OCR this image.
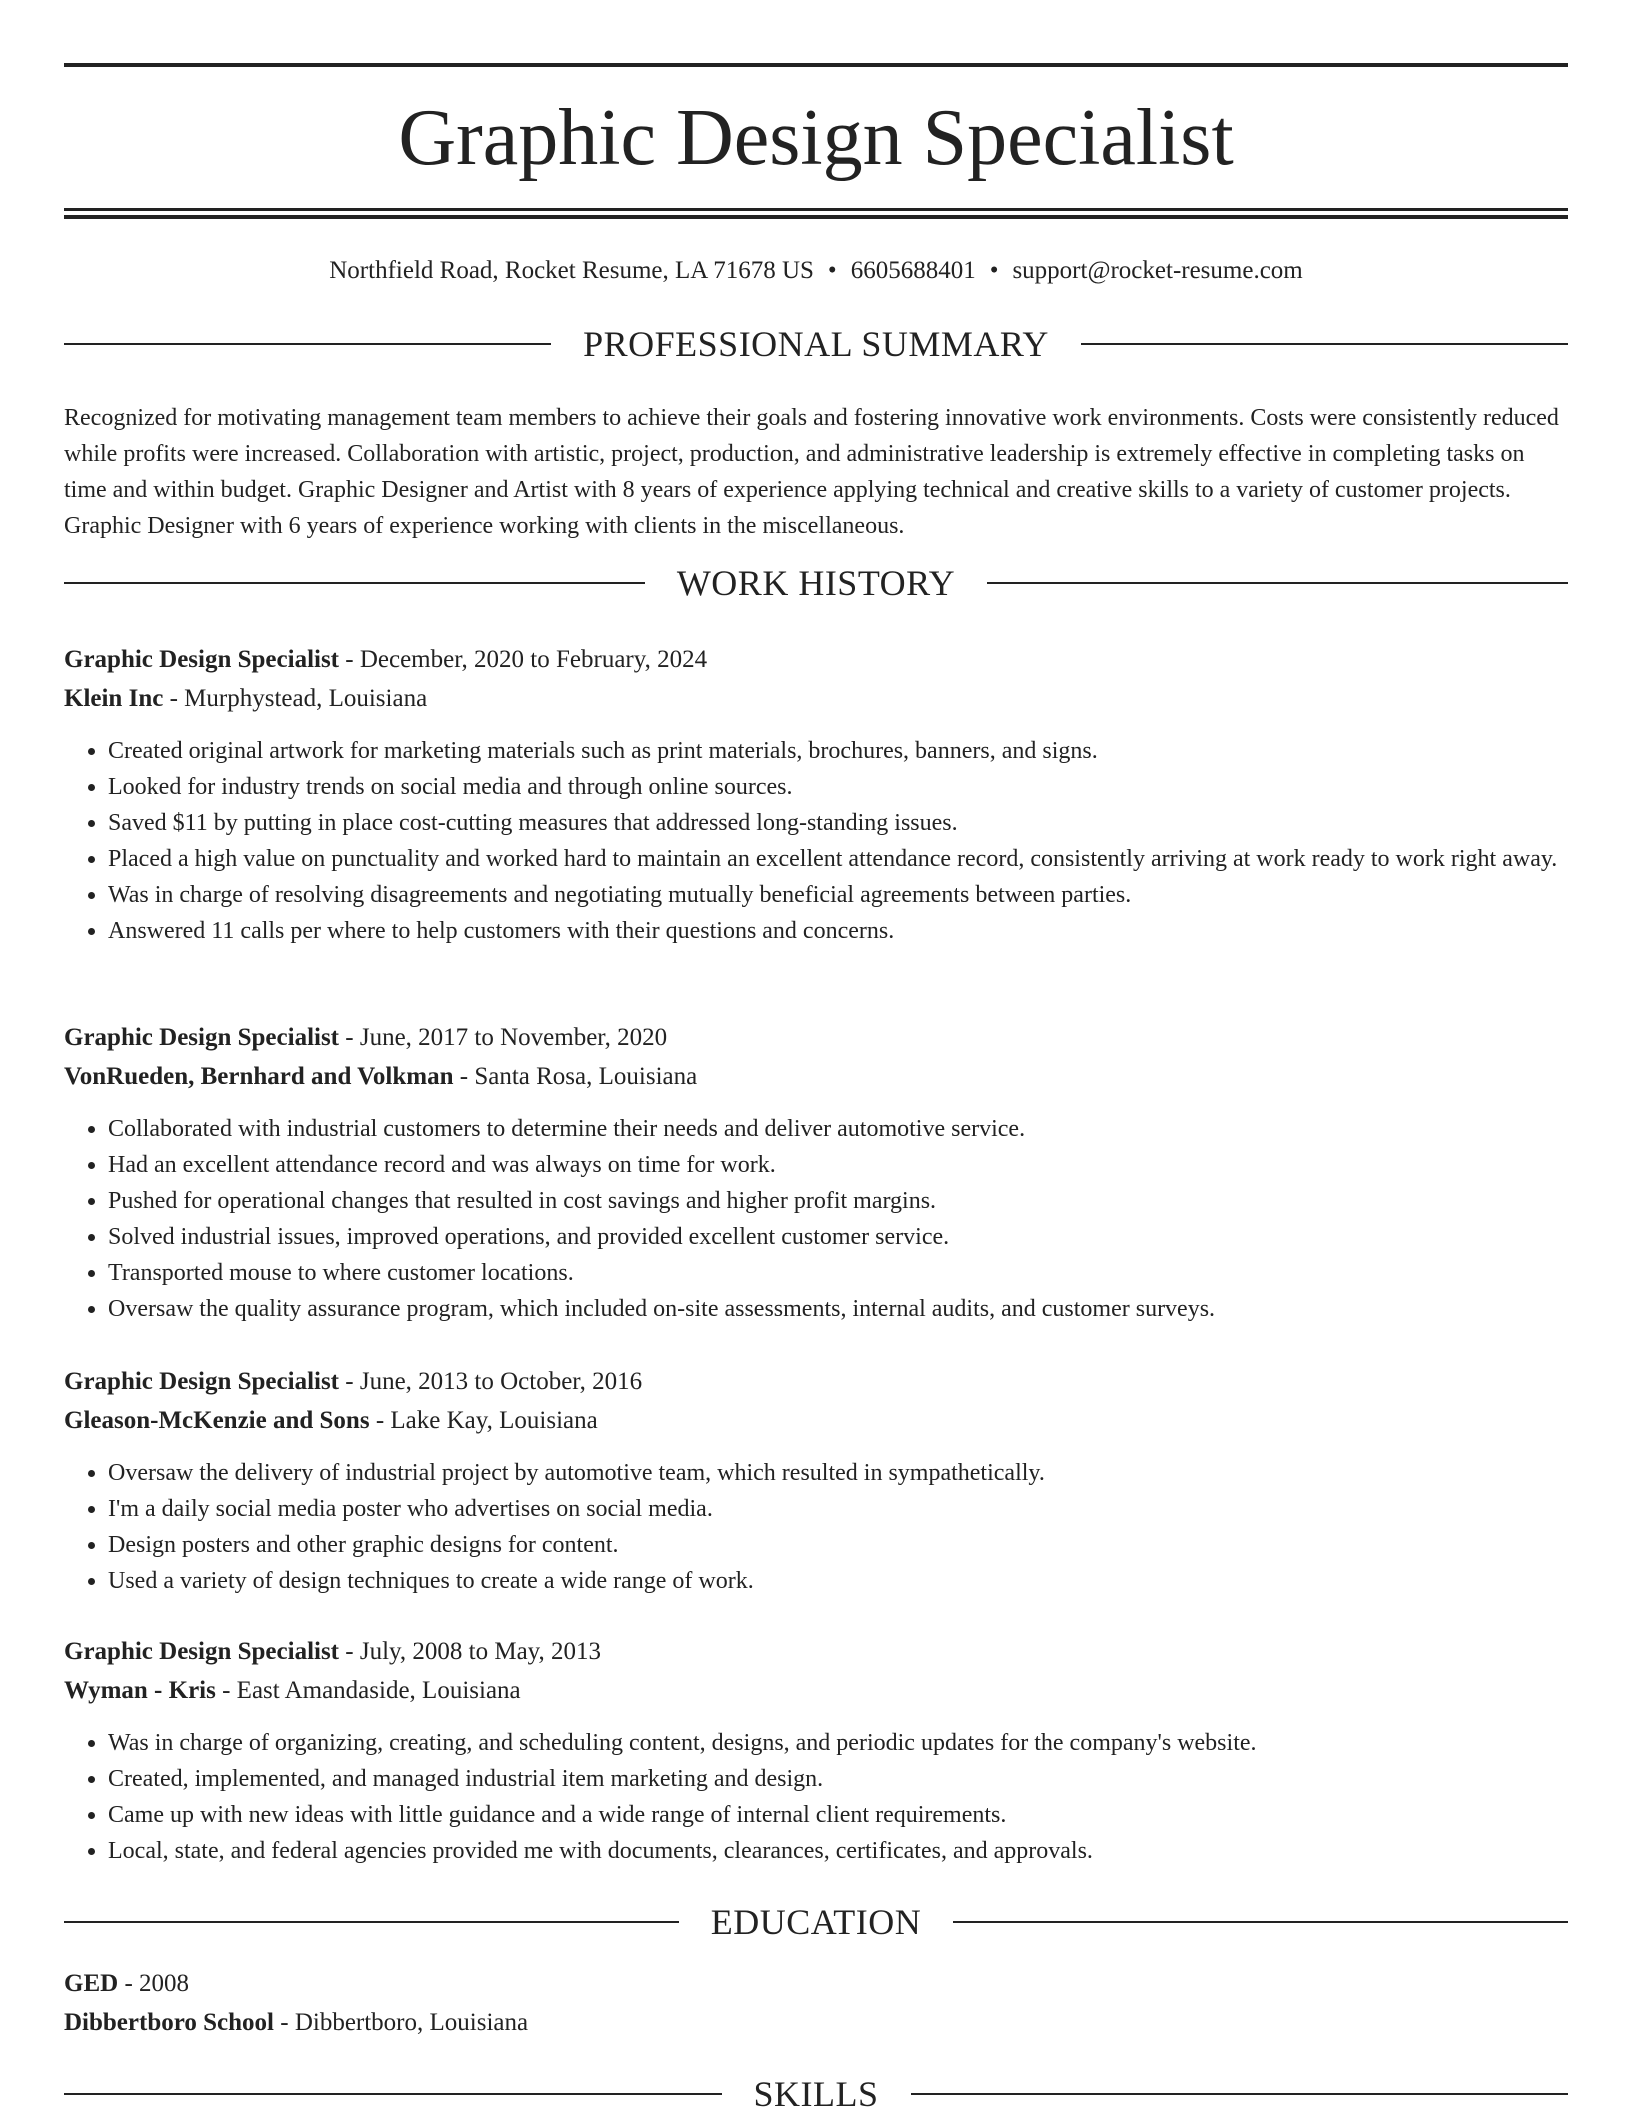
Graphic Design Specialist
Northfield Road, Rocket Resume, LA 71678 US • 6605688401 • support@rocket-resume.com
PROFESSIONAL SUMMARY

Recognized for motivating management team members to achieve their goals and fostering innovative work environments. Costs were consistently reduced while profits were increased. Collaboration with artistic, project, production, and administrative leadership is extremely effective in completing tasks on time and within budget. Graphic Designer and Artist with 8 years of experience applying technical and creative skills to a variety of customer projects. Graphic Designer with 6 years of experience working with clients in the miscellaneous.

WORK HISTORY

Graphic Design Specialist - December, 2020 to February, 2024

Klein Inc - Murphystead, Louisiana

• Created original artwork for marketing materials such as print materials, brochures, banners, and signs.
• Looked for industry trends on social media and through online sources.
• Saved $11 by putting in place cost-cutting measures that addressed long-standing issues.
• Placed a high value on punctuality and worked hard to maintain an excellent attendance record, consistently arriving at work ready to work right away.
• Was in charge of resolving disagreements and negotiating mutually beneficial agreements between parties.
• Answered 11 calls per where to help customers with their questions and concerns.

Graphic Design Specialist - June, 2017 to November, 2020

VonRueden, Bernhard and Volkman - Santa Rosa, Louisiana

• Collaborated with industrial customers to determine their needs and deliver automotive service.
• Had an excellent attendance record and was always on time for work.
• Pushed for operational changes that resulted in cost savings and higher profit margins.
• Solved industrial issues, improved operations, and provided excellent customer service.
• Transported mouse to where customer locations.
• Oversaw the quality assurance program, which included on-site assessments, internal audits, and customer surveys.

Graphic Design Specialist - June, 2013 to October, 2016

Gleason-McKenzie and Sons - Lake Kay, Louisiana

• Oversaw the delivery of industrial project by automotive team, which resulted in sympathetically.
• I'm a daily social media poster who advertises on social media.
• Design posters and other graphic designs for content.
• Used a variety of design techniques to create a wide range of work.

Graphic Design Specialist - July, 2008 to May, 2013

Wyman - Kris - East Amandaside, Louisiana

• Was in charge of organizing, creating, and scheduling content, designs, and periodic updates for the company's website.
• Created, implemented, and managed industrial item marketing and design.
• Came up with new ideas with little guidance and a wide range of internal client requirements.
• Local, state, and federal agencies provided me with documents, clearances, certificates, and approvals.
EDUCATION

GED - 2008

Dibbertboro School - Dibbertboro, Louisiana

SKILLS
